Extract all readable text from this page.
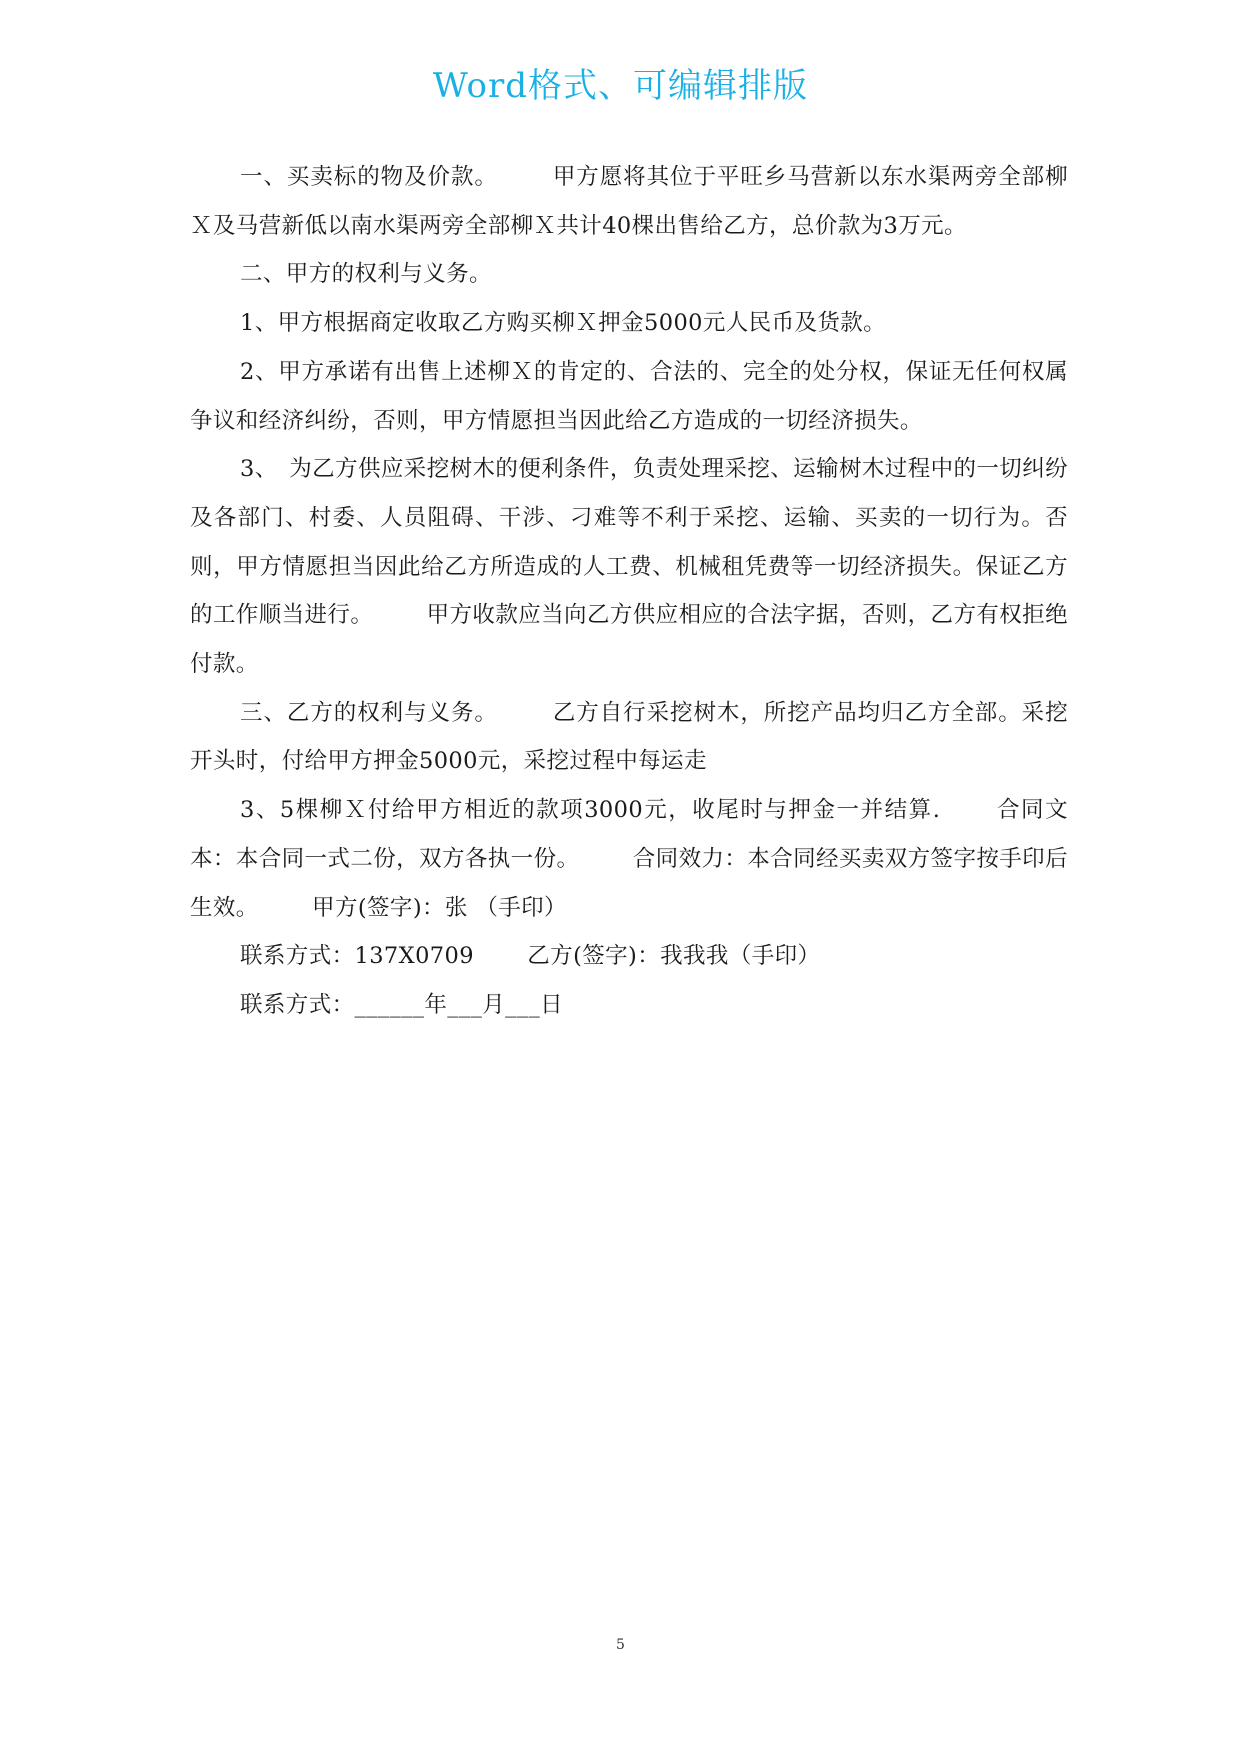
Word格式、可编辑排版

一、买卖标的物及价款。 　　甲方愿将其位于平旺乡马营新以东水渠两旁全部柳Ｘ及马营新低以南水渠两旁全部柳Ｘ共计40棵出售给乙方，总价款为3万元。

二、甲方的权利与义务。

1、甲方根据商定收取乙方购买柳Ｘ押金5000元人民币及货款。

2、甲方承诺有出售上述柳Ｘ的肯定的、合法的、完全的处分权，保证无任何权属争议和经济纠纷，否则，甲方情愿担当因此给乙方造成的一切经济损失。

3、　为乙方供应采挖树木的便利条件，负责处理采挖、运输树木过程中的一切纠纷及各部门、村委、人员阻碍、干涉、刁难等不利于采挖、运输、买卖的一切行为。否则，甲方情愿担当因此给乙方所造成的人工费、机械租凭费等一切经济损失。保证乙方的工作顺当进行。 　　甲方收款应当向乙方供应相应的合法字据，否则，乙方有权拒绝付款。

三、乙方的权利与义务。 　　乙方自行采挖树木，所挖产品均归乙方全部。采挖开头时，付给甲方押金5000元，采挖过程中每运走

3、5棵柳Ｘ付给甲方相近的款项3000元，收尾时与押金一并结算. 　　合同文本：本合同一式二份，双方各执一份。 　　合同效力：本合同经买卖双方签字按手印后生效。 　　甲方(签字)：张 （手印）

联系方式：137X0709 　　乙方(签字)：我我我（手印）

联系方式：______年___月___日

5
